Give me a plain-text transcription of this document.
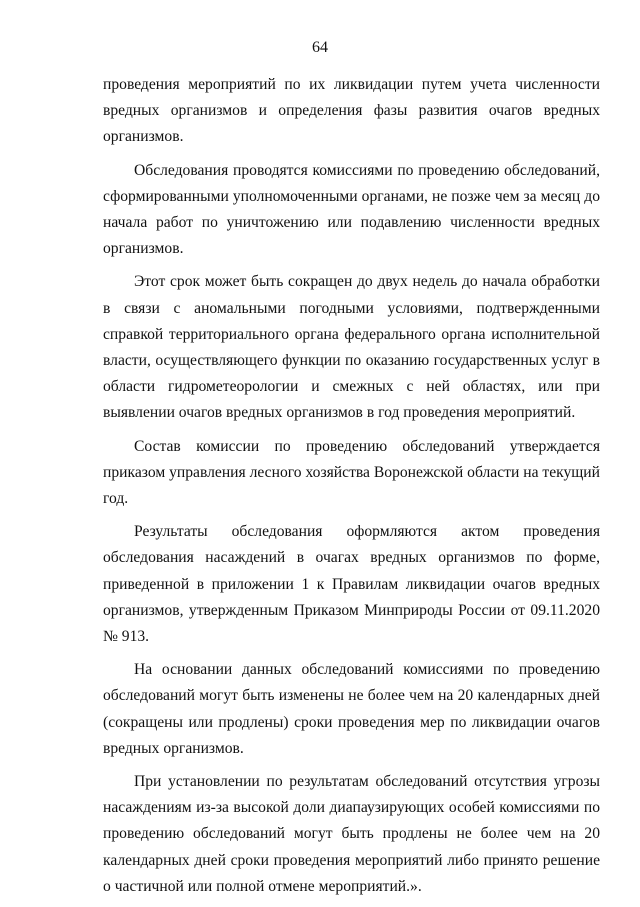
64

проведения мероприятий по их ликвидации путем учета численности вредных организмов и определения фазы развития очагов вредных организмов.

Обследования проводятся комиссиями по проведению обследований, сформированными уполномоченными органами, не позже чем за месяц до начала работ по уничтожению или подавлению численности вредных организмов.

Этот срок может быть сокращен до двух недель до начала обработки в связи с аномальными погодными условиями, подтвержденными справкой территориального органа федерального органа исполнительной власти, осуществляющего функции по оказанию государственных услуг в области гидрометеорологии и смежных с ней областях, или при выявлении очагов вредных организмов в год проведения мероприятий.

Состав комиссии по проведению обследований утверждается приказом управления лесного хозяйства Воронежской области на текущий год.

Результаты обследования оформляются актом проведения обследования насаждений в очагах вредных организмов по форме, приведенной в приложении 1 к Правилам ликвидации очагов вредных организмов, утвержденным Приказом Минприроды России от 09.11.2020 № 913.

На основании данных обследований комиссиями по проведению обследований могут быть изменены не более чем на 20 календарных дней (сокращены или продлены) сроки проведения мер по ликвидации очагов вредных организмов.

При установлении по результатам обследований отсутствия угрозы насаждениям из-за высокой доли диапаузирующих особей комиссиями по проведению обследований могут быть продлены не более чем на 20 календарных дней сроки проведения мероприятий либо принято решение о частичной или полной отмене мероприятий.».
